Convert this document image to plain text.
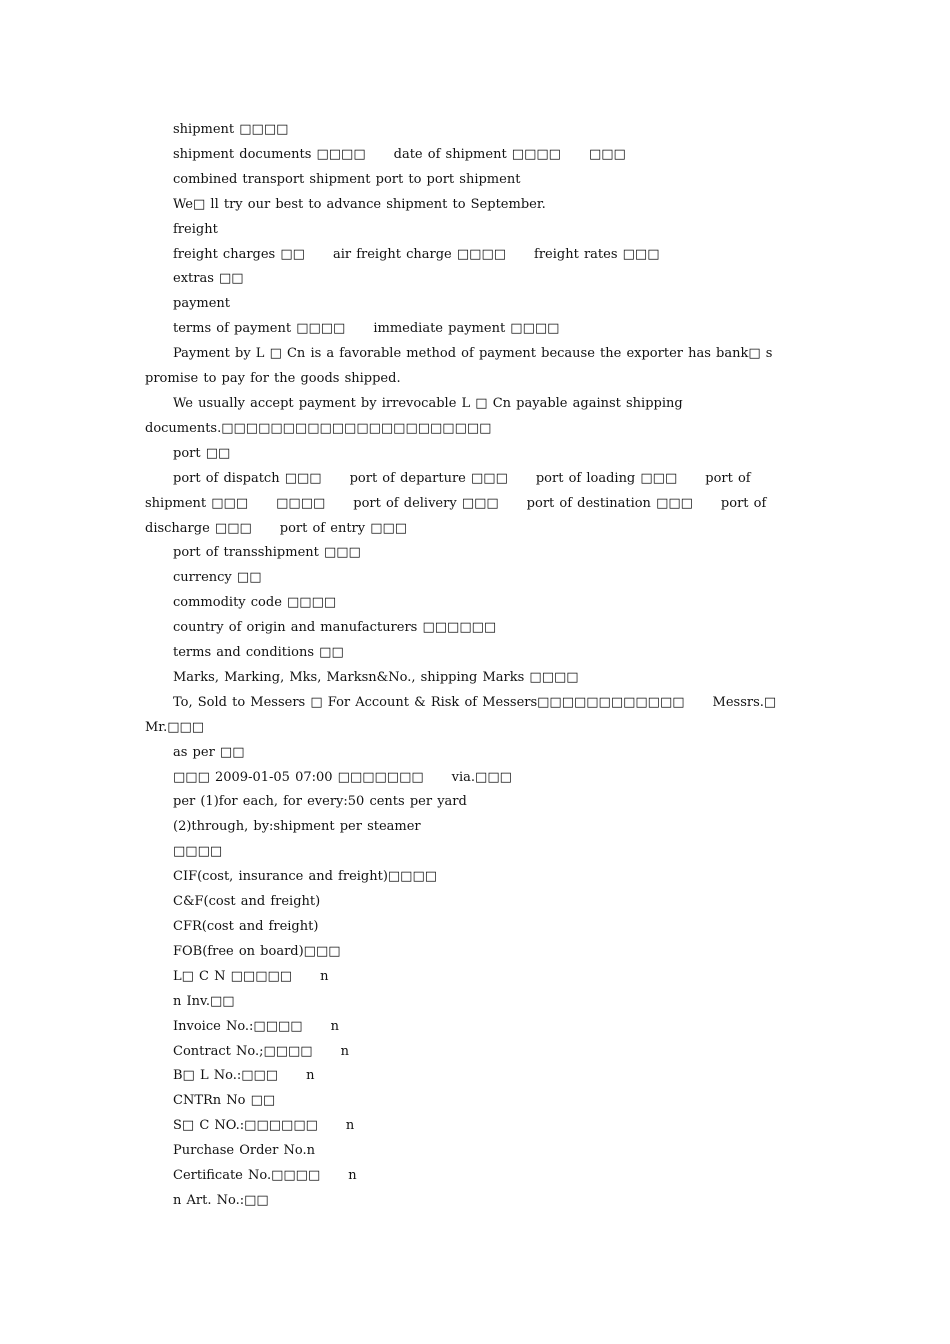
shipment □□□□

shipment documents □□□□ date of shipment □□□□ □□□

combined transport shipment port to port shipment

We□ ll try our best to advance shipment to September.

freight

freight charges □□ air freight charge □□□□ freight rates □□□

extras □□

payment

terms of payment □□□□ immediate payment □□□□

Payment by L □ Cn is a favorable method of payment because the exporter has bank□ s promise to pay for the goods shipped.

We usually accept payment by irrevocable L □ Cn payable against shipping documents.□□□□□□□□□□□□□□□□□□□□□□

port □□

port of dispatch □□□ port of departure □□□ port of loading □□□ port of shipment □□□ □□□□ port of delivery □□□ port of destination □□□ port of discharge □□□ port of entry □□□

port of transshipment □□□

currency □□

commodity code □□□□

country of origin and manufacturers □□□□□□

terms and conditions □□

Marks, Marking, Mks, Marksn&No., shipping Marks □□□□

To, Sold to Messers □ For Account & Risk of Messers□□□□□□□□□□□□ Messrs.□ Mr.□□□

as per □□

□□□ 2009-01-05 07:00 □□□□□□□ via.□□□

per (1)for each, for every:50 cents per yard

(2)through, by:shipment per steamer

□□□□

CIF(cost, insurance and freight)□□□□

C&F(cost and freight)

CFR(cost and freight)

FOB(free on board)□□□

L□ C N □□□□□ n

n Inv.□□

Invoice No.:□□□□ n

Contract No.;□□□□ n

B□ L No.:□□□ n

CNTRn No □□

S□ C NO.:□□□□□□ n

Purchase Order No.n

Certificate No.□□□□ n

n Art. No.:□□
